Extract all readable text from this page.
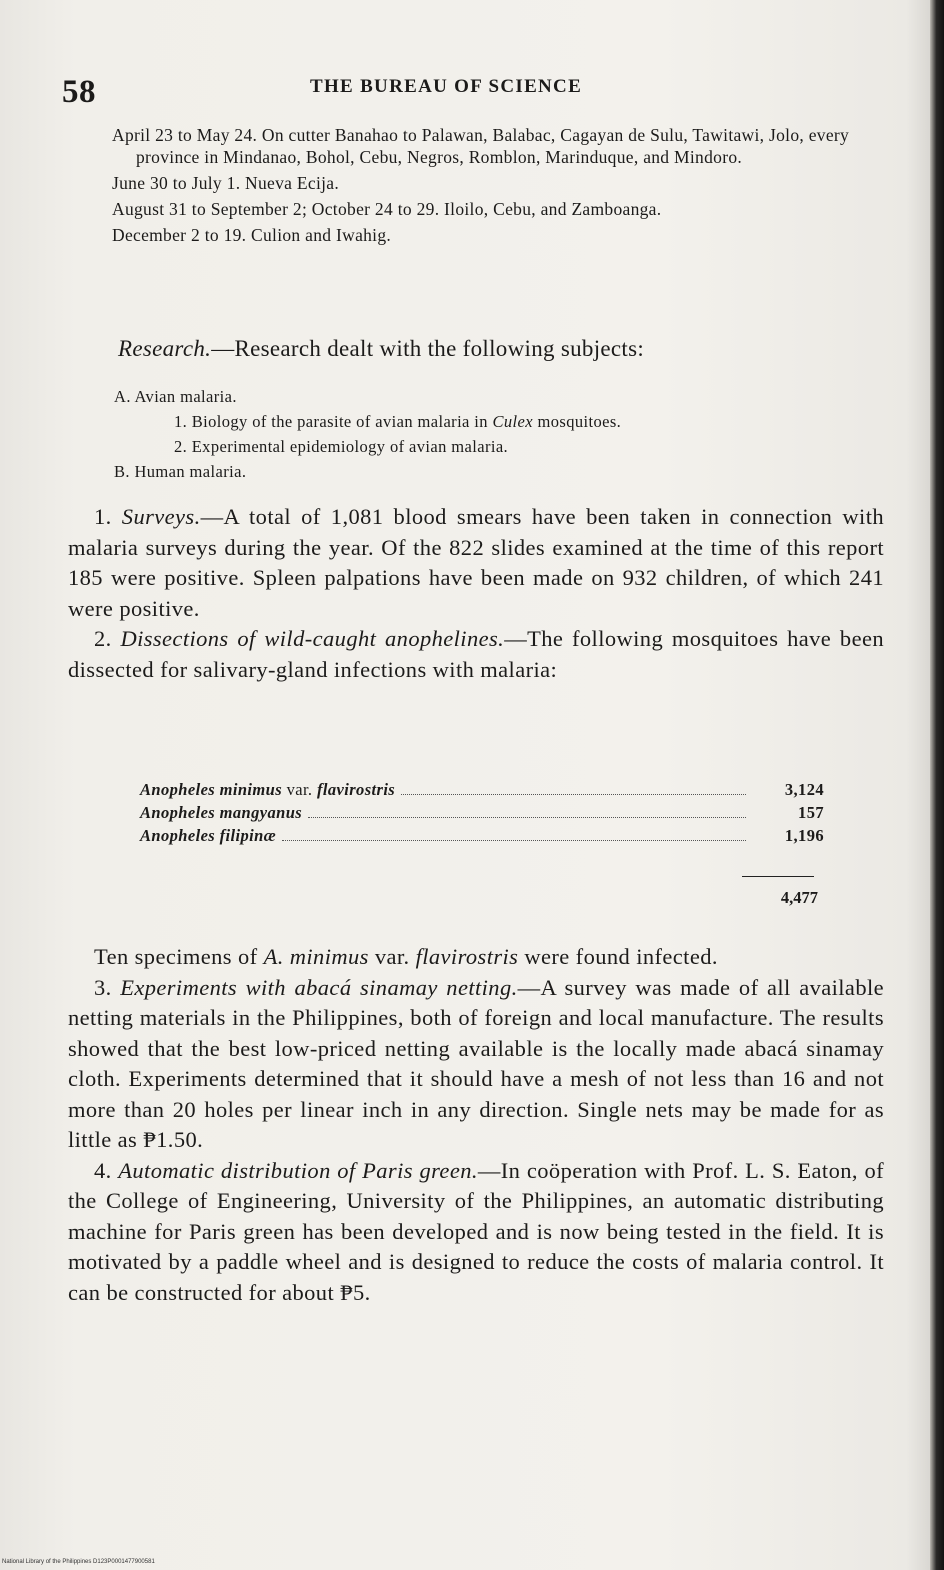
58	THE BUREAU OF SCIENCE

April 23 to May 24. On cutter Banahao to Palawan, Balabac, Cagayan de Sulu, Tawitawi, Jolo, every province in Mindanao, Bohol, Cebu, Negros, Romblon, Marinduque, and Mindoro.

June 30 to July 1. Nueva Ecija.

August 31 to September 2; October 24 to 29. Iloilo, Cebu, and Zamboanga.

December 2 to 19. Culion and Iwahig.

Research.—Research dealt with the following subjects:

A. Avian malaria.

1. Biology of the parasite of avian malaria in Culex mosquitoes.

2. Experimental epidemiology of avian malaria.

B. Human malaria.

1. Surveys.—A total of 1,081 blood smears have been taken in connection with malaria surveys during the year. Of the 822 slides examined at the time of this report 185 were positive. Spleen palpations have been made on 932 children, of which 241 were positive.

2. Dissections of wild-caught anophelines.—The following mosquitoes have been dissected for salivary-gland infections with malaria:

Anopheles minimus var. flavirostris	3,124
Anopheles mangyanus	157
Anopheles filipinæ	1,196
4,477

Ten specimens of A. minimus var. flavirostris were found infected.

3. Experiments with abacá sinamay netting.—A survey was made of all available netting materials in the Philippines, both of foreign and local manufacture. The results showed that the best low-priced netting available is the locally made abacá sinamay cloth. Experiments determined that it should have a mesh of not less than 16 and not more than 20 holes per linear inch in any direction. Single nets may be made for as little as ₱1.50.

4. Automatic distribution of Paris green.—In coöperation with Prof. L. S. Eaton, of the College of Engineering, University of the Philippines, an automatic distributing machine for Paris green has been developed and is now being tested in the field. It is motivated by a paddle wheel and is designed to reduce the costs of malaria control. It can be constructed for about ₱5.

National Library of the Philippines D123P0001477900581
